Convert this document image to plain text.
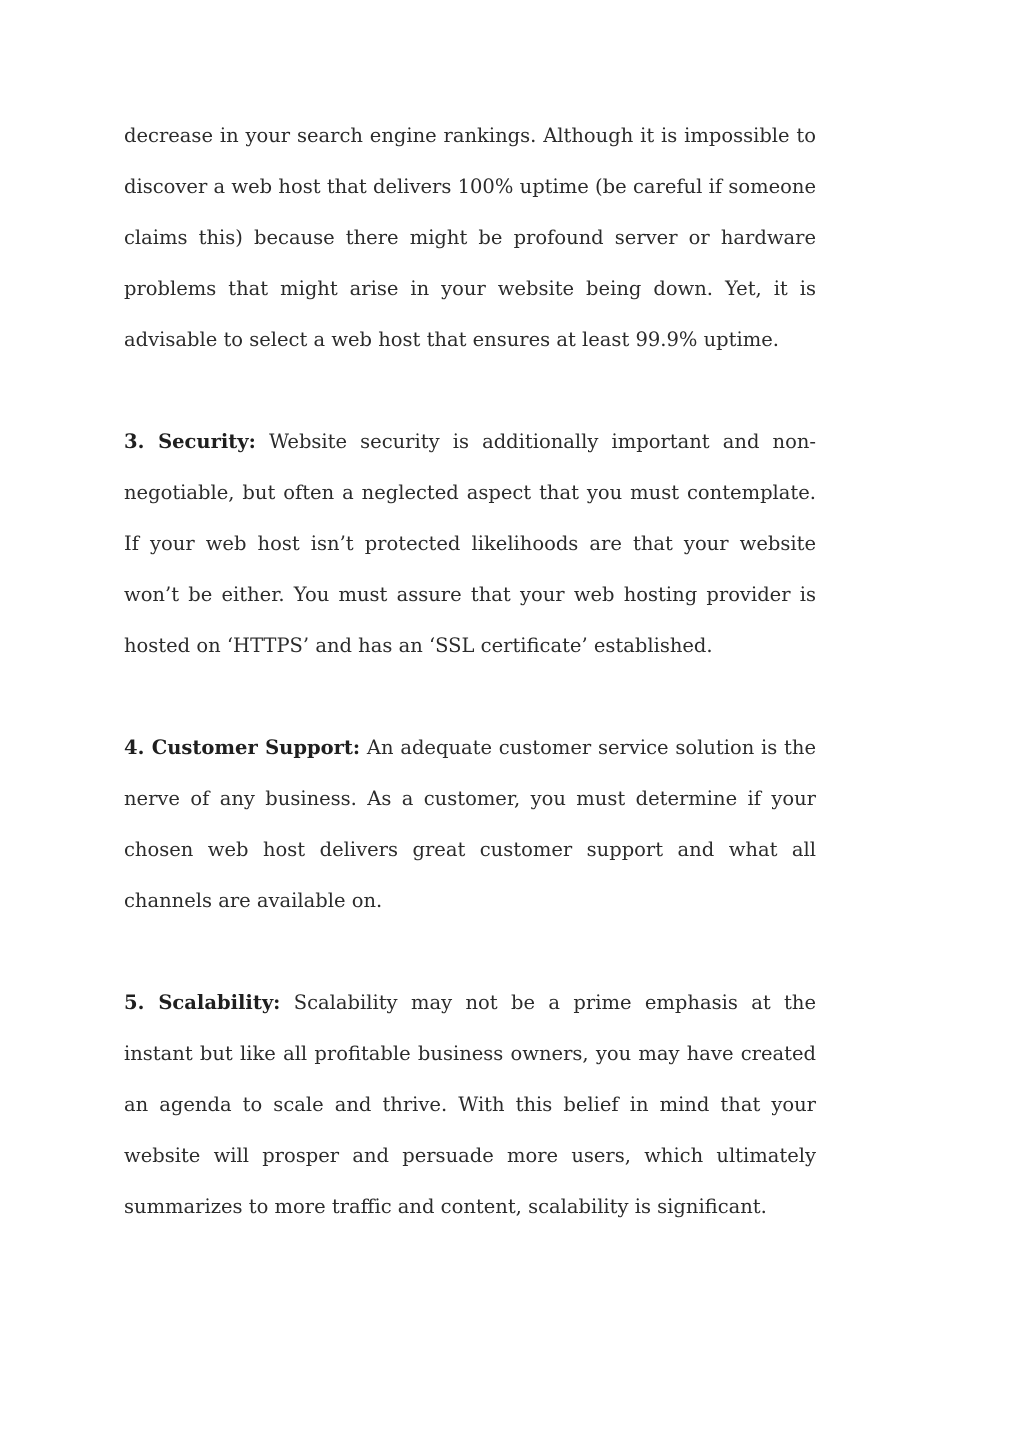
decrease in your search engine rankings. Although it is impossible to discover a web host that delivers 100% uptime (be careful if someone claims this) because there might be profound server or hardware problems that might arise in your website being down. Yet, it is advisable to select a web host that ensures at least 99.9% uptime.

3. Security: Website security is additionally important and non-negotiable, but often a neglected aspect that you must contemplate. If your web host isn’t protected likelihoods are that your website won’t be either. You must assure that your web hosting provider is hosted on ‘HTTPS’ and has an ‘SSL certificate’ established.

4. Customer Support: An adequate customer service solution is the nerve of any business. As a customer, you must determine if your chosen web host delivers great customer support and what all channels are available on.

5. Scalability: Scalability may not be a prime emphasis at the instant but like all profitable business owners, you may have created an agenda to scale and thrive. With this belief in mind that your website will prosper and persuade more users, which ultimately summarizes to more traffic and content, scalability is significant.
